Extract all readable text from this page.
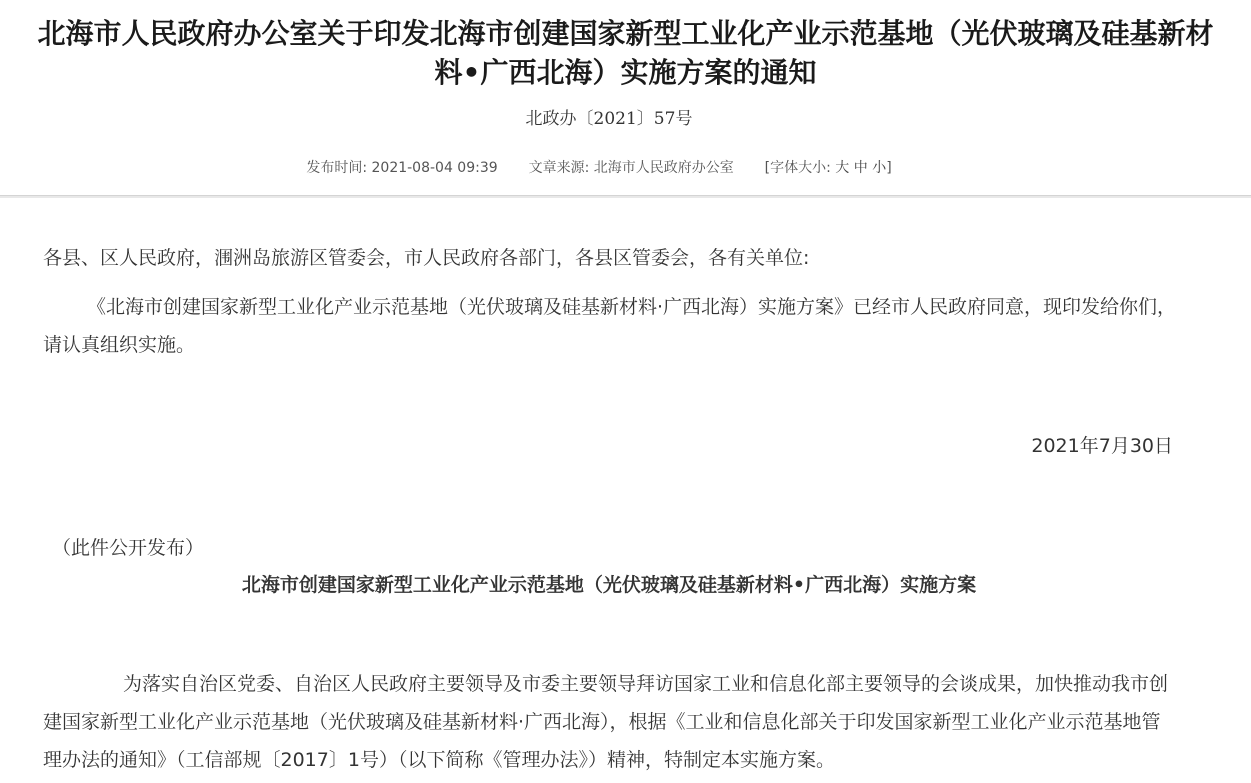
北海市人民政府办公室关于印发北海市创建国家新型工业化产业示范基地（光伏玻璃及硅基新材料•广西北海）实施方案的通知
北政办〔2021〕57号
发布时间: 2021-08-04 09:39 文章来源: 北海市人民政府办公室 [字体大小: 大 中 小]

各县、区人民政府，涠洲岛旅游区管委会，市人民政府各部门，各县区管委会，各有关单位:

《北海市创建国家新型工业化产业示范基地（光伏玻璃及硅基新材料·广西北海）实施方案》已经市人民政府同意，现印发给你们，请认真组织实施。

2021年7月30日
（此件公开发布）
北海市创建国家新型工业化产业示范基地（光伏玻璃及硅基新材料•广西北海）实施方案

为落实自治区党委、自治区人民政府主要领导及市委主要领导拜访国家工业和信息化部主要领导的会谈成果，加快推动我市创建国家新型工业化产业示范基地（光伏玻璃及硅基新材料·广西北海），根据《工业和信息化部关于印发国家新型工业化产业示范基地管理办法的通知》（工信部规〔2017〕1号）（以下简称《管理办法》）精神，特制定本实施方案。
